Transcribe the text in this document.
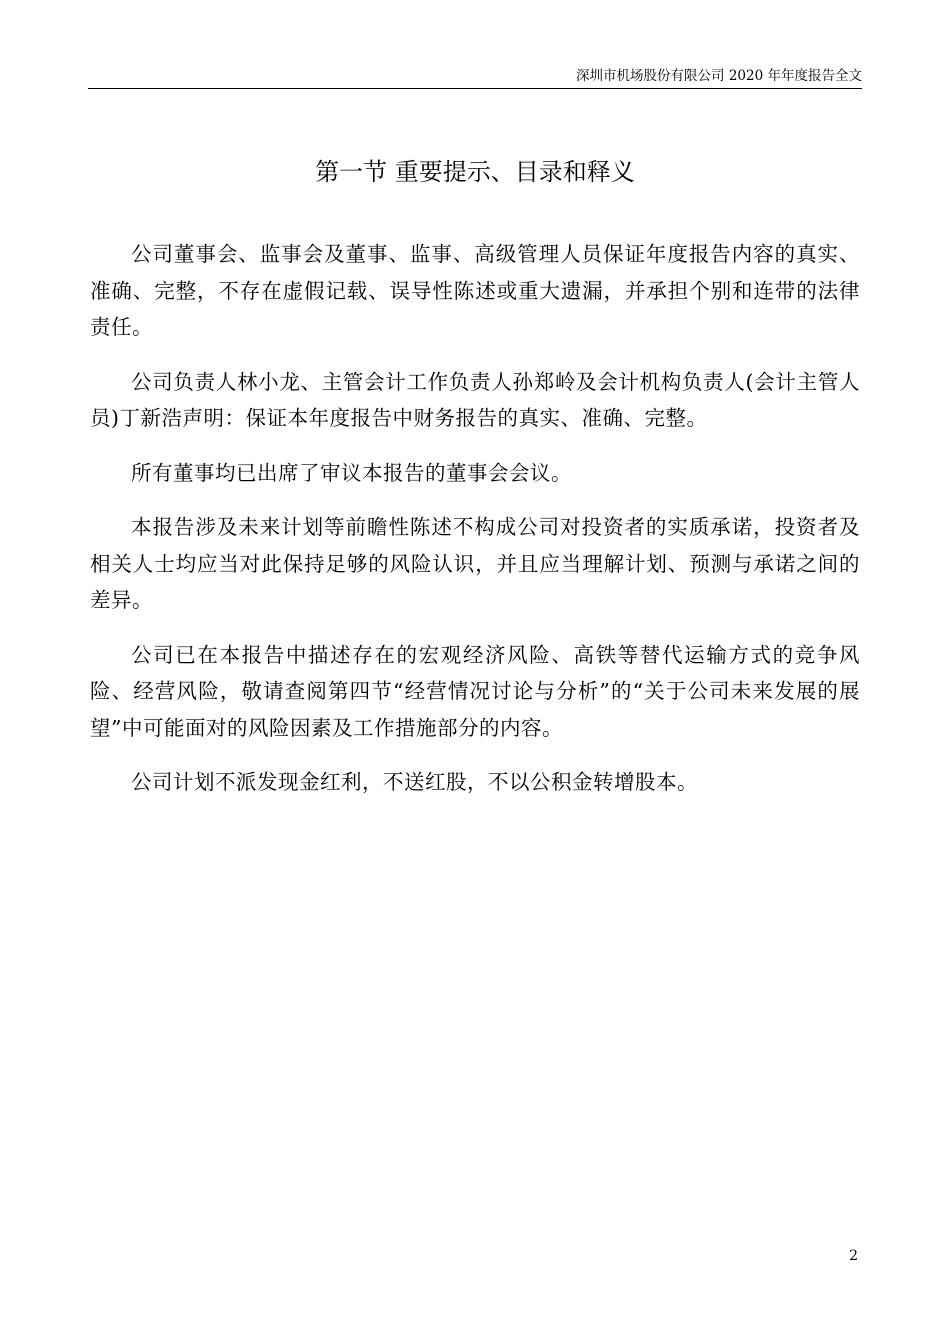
深圳市机场股份有限公司 2020 年年度报告全文
第一节 重要提示、目录和释义

公司董事会、监事会及董事、监事、高级管理人员保证年度报告内容的真实、准确、完整，不存在虚假记载、误导性陈述或重大遗漏，并承担个别和连带的法律责任。

公司负责人林小龙、主管会计工作负责人孙郑岭及会计机构负责人(会计主管人员)丁新浩声明：保证本年度报告中财务报告的真实、准确、完整。

所有董事均已出席了审议本报告的董事会会议。

本报告涉及未来计划等前瞻性陈述不构成公司对投资者的实质承诺，投资者及相关人士均应当对此保持足够的风险认识，并且应当理解计划、预测与承诺之间的差异。

公司已在本报告中描述存在的宏观经济风险、高铁等替代运输方式的竞争风险、经营风险，敬请查阅第四节“经营情况讨论与分析”的“关于公司未来发展的展望”中可能面对的风险因素及工作措施部分的内容。

公司计划不派发现金红利，不送红股，不以公积金转增股本。

2
